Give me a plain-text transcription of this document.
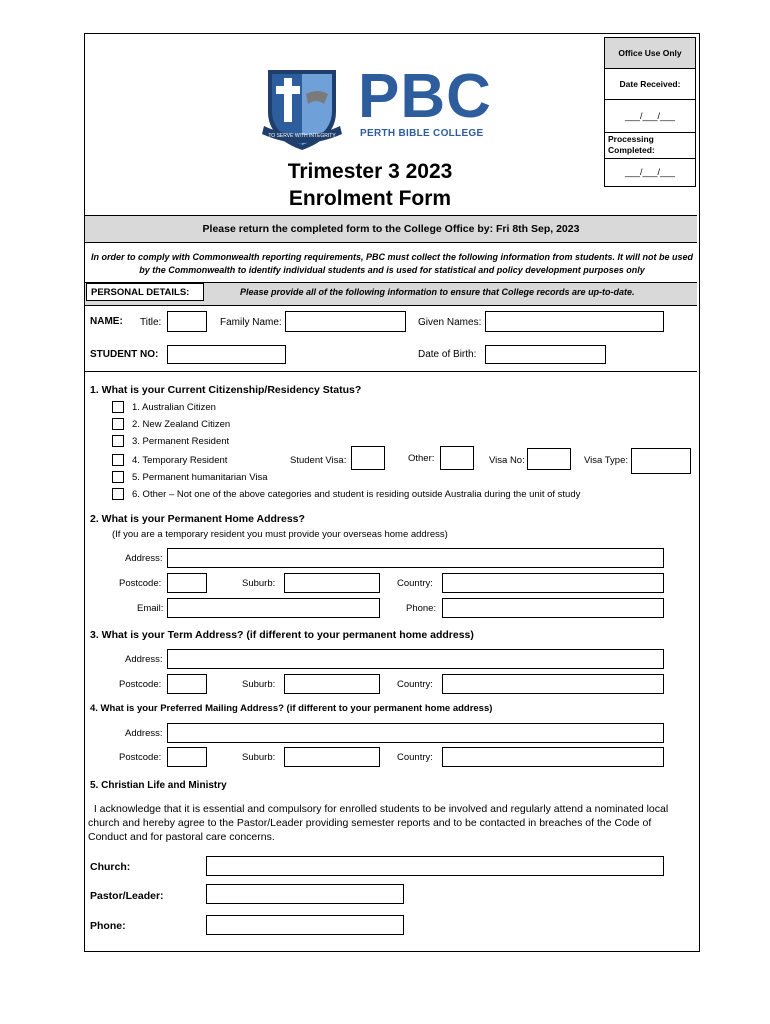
Office Use Only
Date Received:
___/___/___
Processing Completed:
___/___/___
TO SERVE WITH INTEGRITY
PBC
PERTH BIBLE COLLEGE
Trimester 3 2023
Enrolment Form
Please return the completed form to the College Office by: Fri 8th Sep, 2023
In order to comply with Commonwealth reporting requirements, PBC must collect the following information from students. It will not be used by the Commonwealth to identify individual students and is used for statistical and policy development purposes only
PERSONAL DETAILS:	Please provide all of the following information to ensure that College records are up-to-date.
NAME: Title:	Family Name:	Given Names:
STUDENT NO:	Date of Birth:
1. What is your Current Citizenship/Residency Status?
1. Australian Citizen
2. New Zealand Citizen
3. Permanent Resident
4. Temporary Resident	Student Visa:	Other:	Visa No:	Visa Type:
5. Permanent humanitarian Visa
6. Other – Not one of the above categories and student is residing outside Australia during the unit of study
2. What is your Permanent Home Address?
(If you are a temporary resident you must provide your overseas home address)
Address:
Postcode:	Suburb:	Country:
Email:	Phone:
3. What is your Term Address? (if different to your permanent home address)
Address:
Postcode:	Suburb:	Country:
4. What is your Preferred Mailing Address? (if different to your permanent home address)
Address:
Postcode:	Suburb:	Country:
5. Christian Life and Ministry
I acknowledge that it is essential and compulsory for enrolled students to be involved and regularly attend a nominated local church and hereby agree to the Pastor/Leader providing semester reports and to be contacted in breaches of the Code of Conduct and for pastoral care concerns.
Church:
Pastor/Leader:
Phone:
